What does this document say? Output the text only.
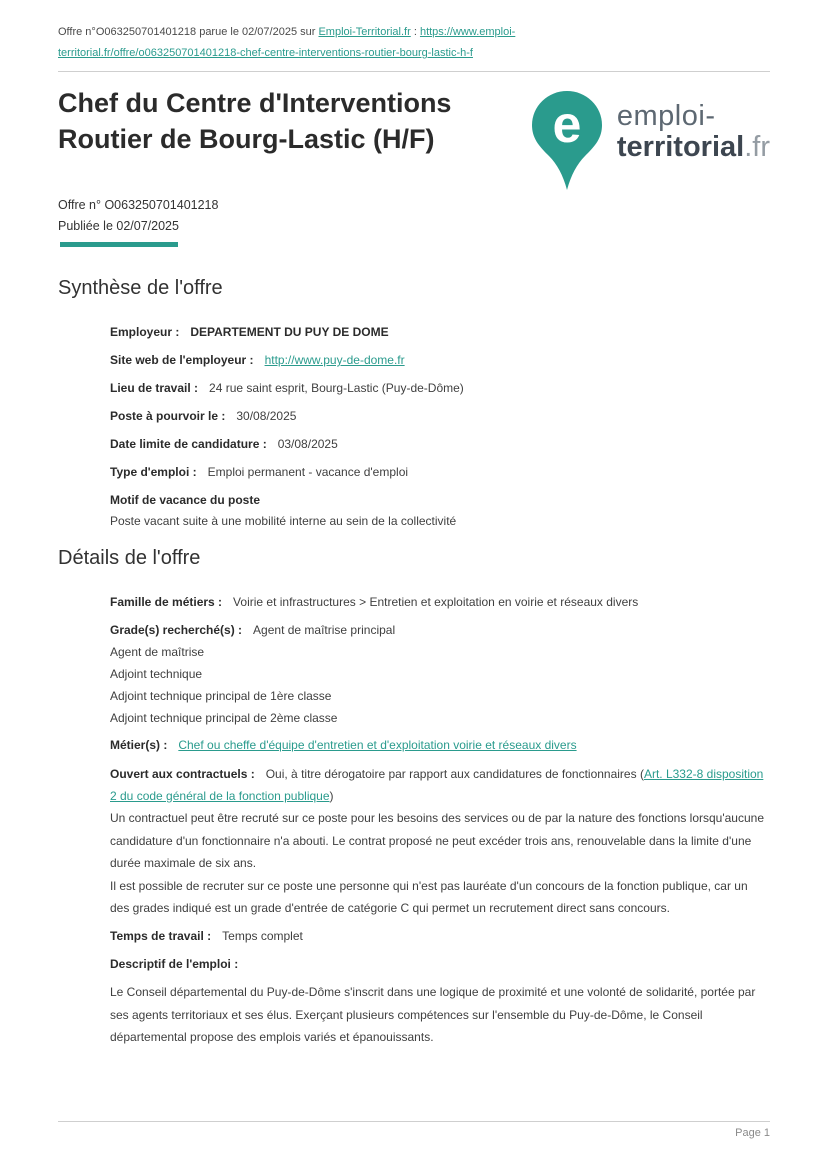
Offre n°O063250701401218 parue le 02/07/2025 sur Emploi-Territorial.fr : https://www.emploi-
territorial.fr/offre/o063250701401218-chef-centre-interventions-routier-bourg-lastic-h-f
Chef du Centre d'Interventions Routier de Bourg-Lastic (H/F)	e emploi-
territorial.fr
Offre n° O063250701401218
Publiée le 02/07/2025
Synthèse de l'offre
Employeur : DEPARTEMENT DU PUY DE DOME
Site web de l'employeur : http://www.puy-de-dome.fr
Lieu de travail : 24 rue saint esprit, Bourg-Lastic (Puy-de-Dôme)
Poste à pourvoir le : 30/08/2025
Date limite de candidature : 03/08/2025
Type d'emploi : Emploi permanent - vacance d'emploi
Motif de vacance du poste
Poste vacant suite à une mobilité interne au sein de la collectivité
Détails de l'offre
Famille de métiers : Voirie et infrastructures > Entretien et exploitation en voirie et réseaux divers
Grade(s) recherché(s) : Agent de maîtrise principal
Agent de maîtrise
Adjoint technique
Adjoint technique principal de 1ère classe
Adjoint technique principal de 2ème classe
Métier(s) : Chef ou cheffe d'équipe d'entretien et d'exploitation voirie et réseaux divers
Ouvert aux contractuels : Oui, à titre dérogatoire par rapport aux candidatures de fonctionnaires (Art. L332-8 disposition 2 du code général de la fonction publique)
Un contractuel peut être recruté sur ce poste pour les besoins des services ou de par la nature des fonctions lorsqu'aucune candidature d'un fonctionnaire n'a abouti. Le contrat proposé ne peut excéder trois ans, renouvelable dans la limite d'une durée maximale de six ans.
Il est possible de recruter sur ce poste une personne qui n'est pas lauréate d'un concours de la fonction publique, car un des grades indiqué est un grade d'entrée de catégorie C qui permet un recrutement direct sans concours.
Temps de travail : Temps complet
Descriptif de l'emploi :
Le Conseil départemental du Puy-de-Dôme s'inscrit dans une logique de proximité et une volonté de solidarité, portée par ses agents territoriaux et ses élus. Exerçant plusieurs compétences sur l'ensemble du Puy-de-Dôme, le Conseil départemental propose des emplois variés et épanouissants.
Page 1
